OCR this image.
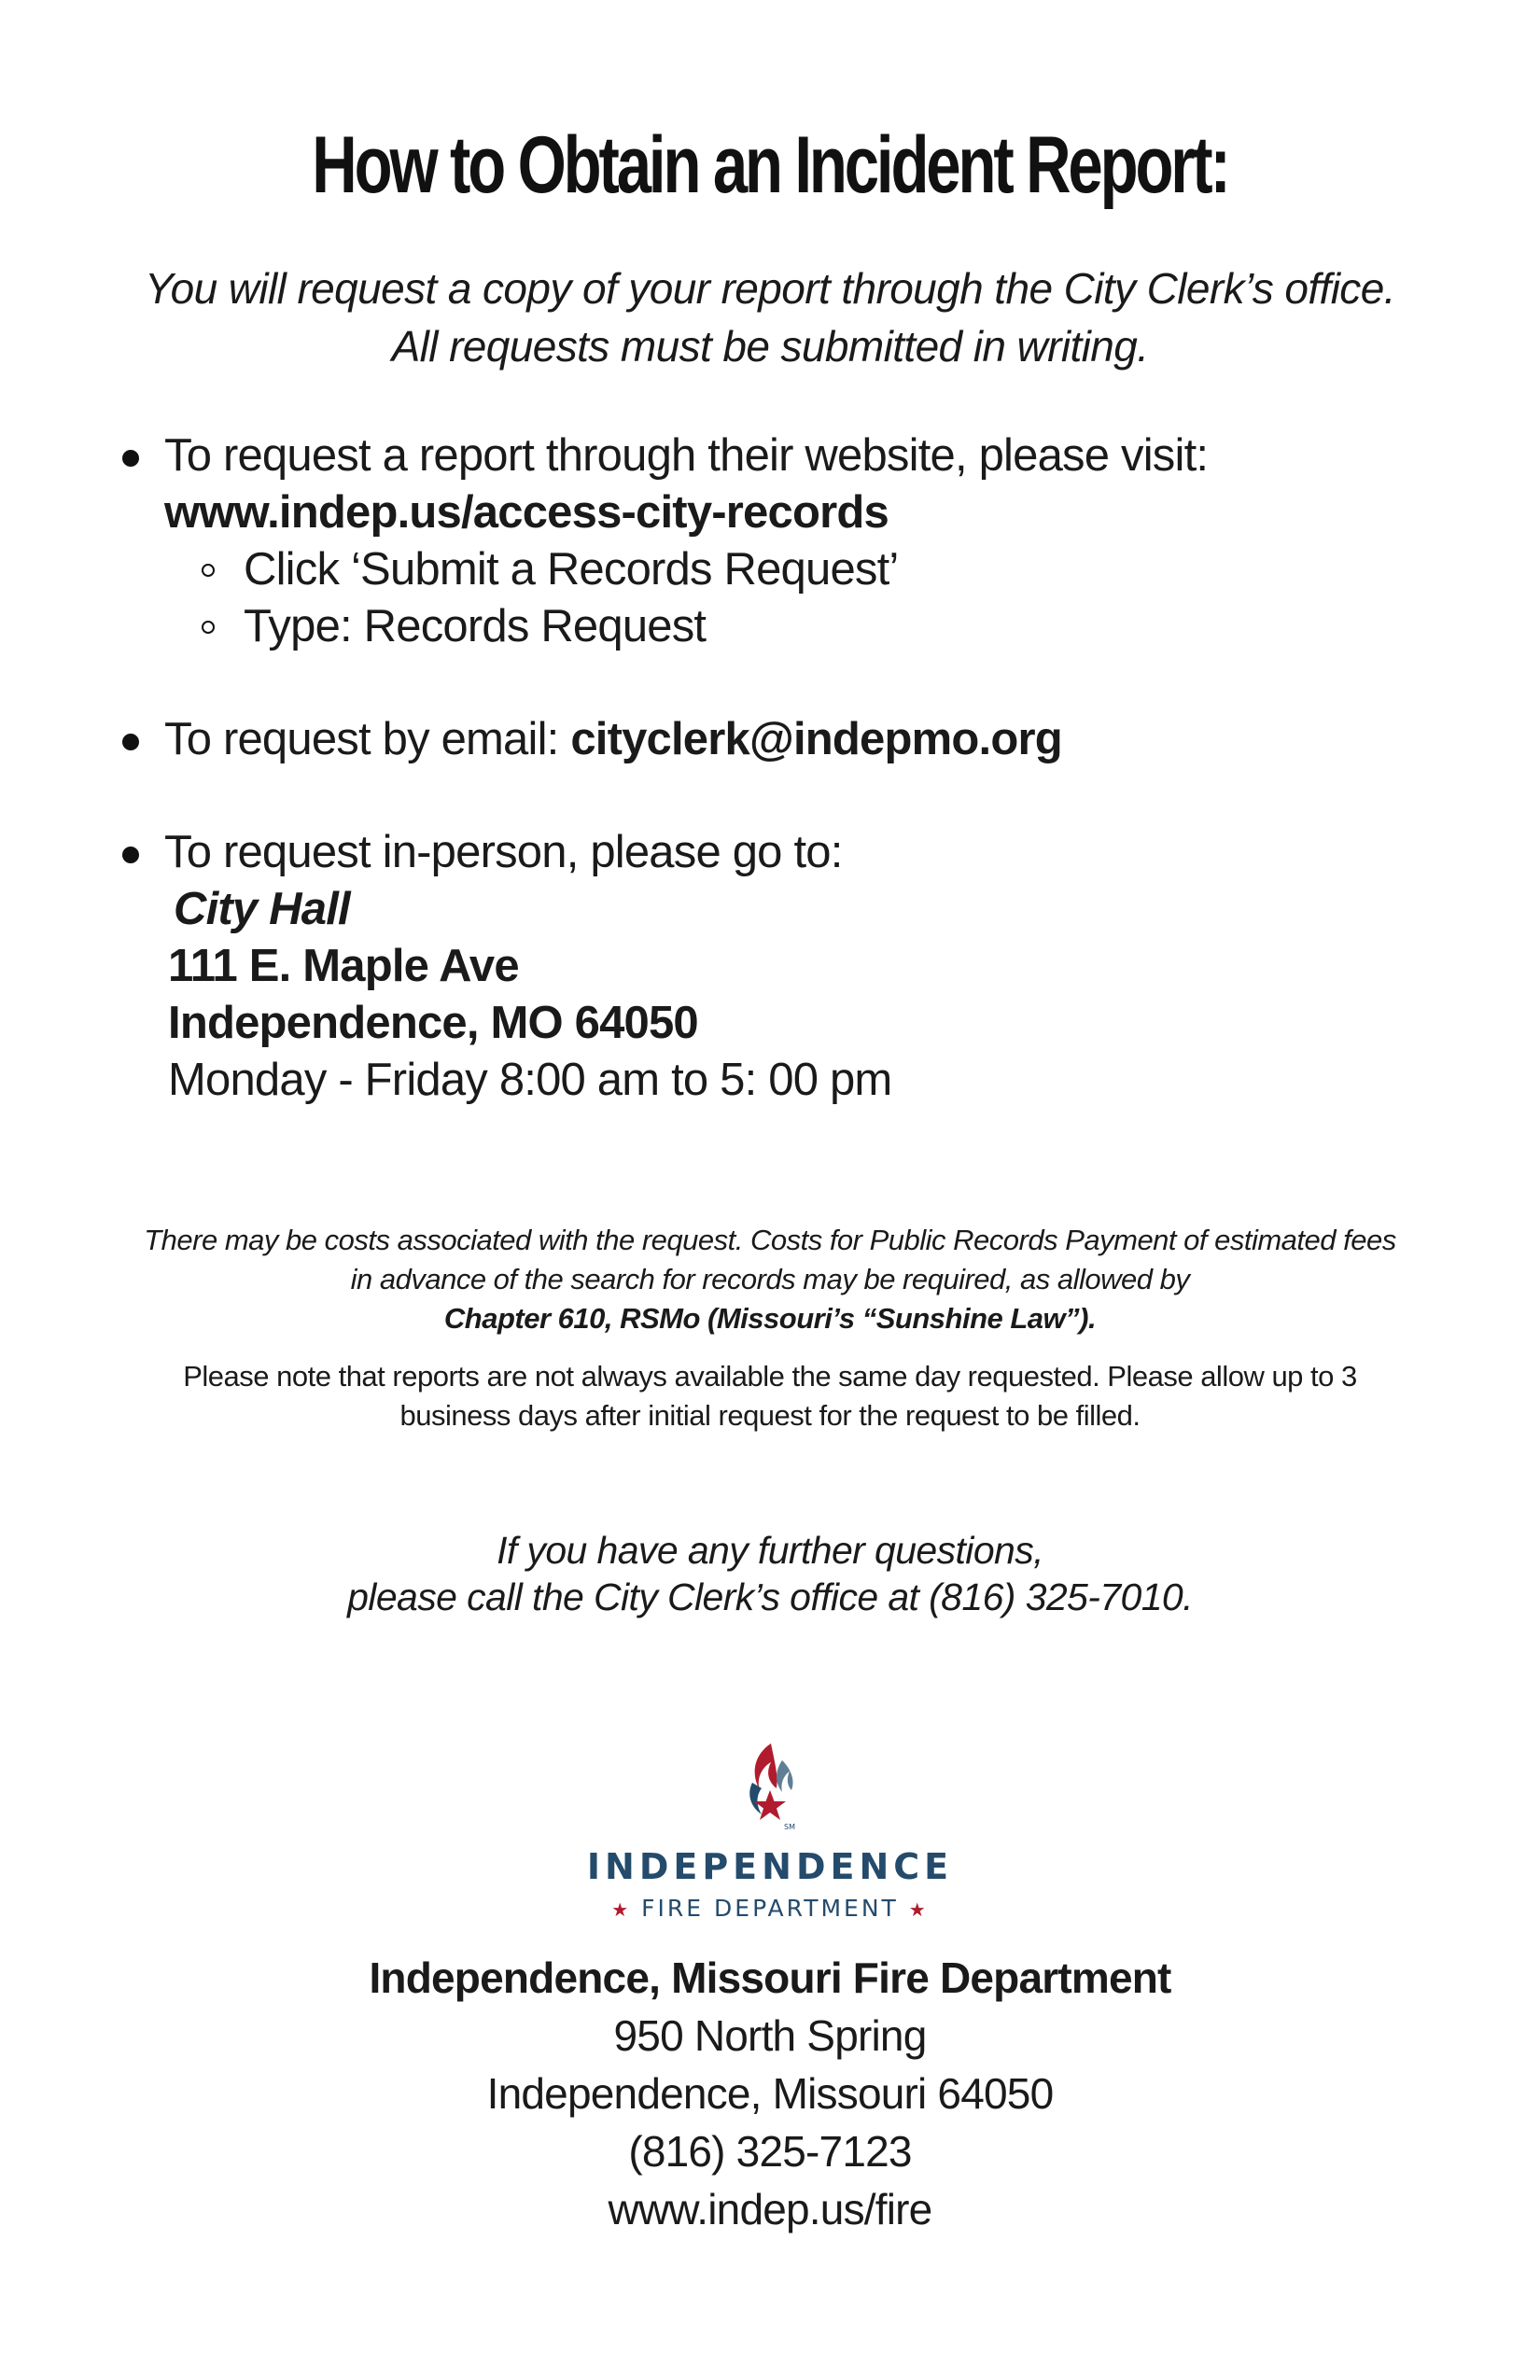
How to Obtain an Incident Report:
You will request a copy of your report through the City Clerk’s office.
All requests must be submitted in writing.
To request a report through their website, please visit:
www.indep.us/access-city-records
Click ‘Submit a Records Request’
Type: Records Request
To request by email: cityclerk@indepmo.org
To request in-person, please go to:
City Hall
111 E. Maple Ave
Independence, MO 64050
Monday - Friday 8:00 am to 5: 00 pm
There may be costs associated with the request. Costs for Public Records Payment of estimated fees
in advance of the search for records may be required, as allowed by
Chapter 610, RSMo (Missouri’s “Sunshine Law”).
Please note that reports are not always available the same day requested. Please allow up to 3
business days after initial request for the request to be filled.
If you have any further questions,
please call the City Clerk’s office at (816) 325-7010.
SM
INDEPENDENCE
★ FIRE DEPARTMENT ★
Independence, Missouri Fire Department
950 North Spring
Independence, Missouri 64050
(816) 325-7123
www.indep.us/fire
